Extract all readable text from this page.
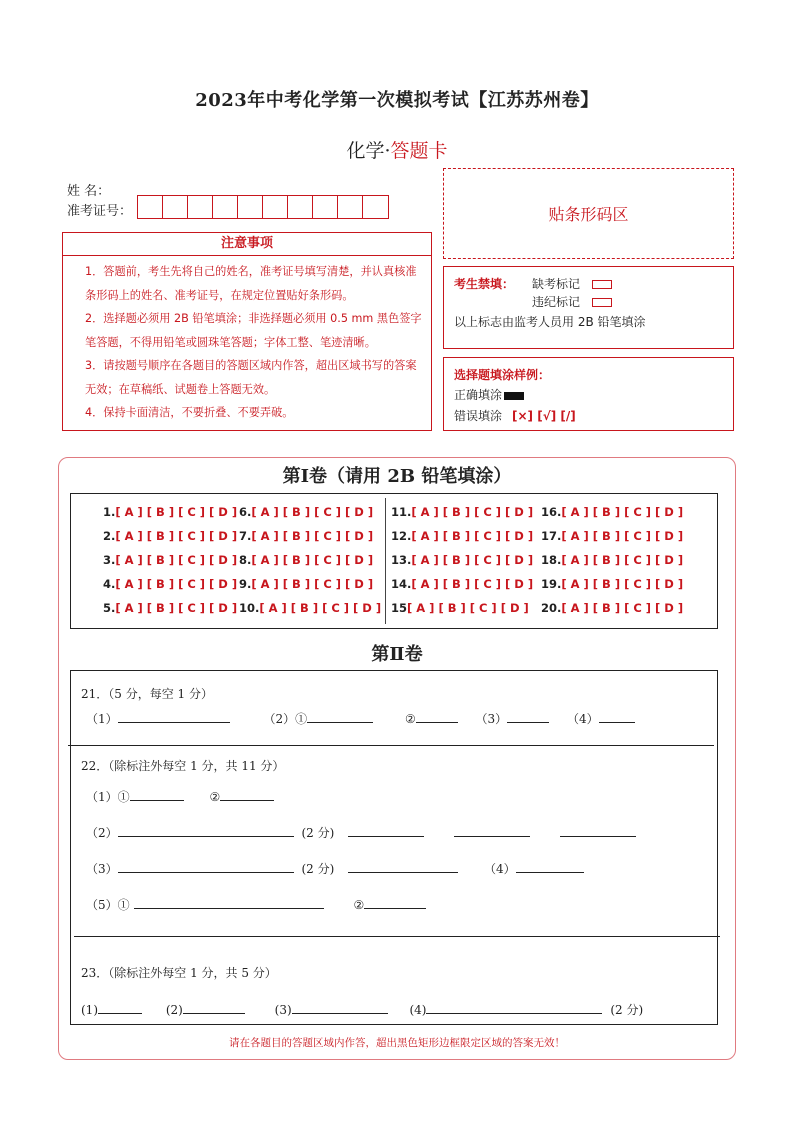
2023年中考化学第一次模拟考试【江苏苏州卷】
化学·答题卡
姓 名：
准考证号：	贴条形码区
注意事项
1．答题前，考生先将自己的姓名，准考证号填写清楚，并认真核准条形码上的姓名、准考证号，在规定位置贴好条形码。
2．选择题必须用 2B 铅笔填涂；非选择题必须用 0.5 mm 黑色签字笔答题，不得用铅笔或圆珠笔答题；字体工整、笔迹清晰。
3．请按题号顺序在各题目的答题区域内作答，超出区域书写的答案无效；在草稿纸、试题卷上答题无效。
4．保持卡面清洁，不要折叠、不要弄破。
考生禁填： 缺考标记
违纪标记
以上标志由监考人员用 2B 铅笔填涂
选择题填涂样例：
正确填涂
错误填涂 [×] [√] [/]
第Ⅰ卷（请用 2B 铅笔填涂）
1.[ A ] [ B ] [ C ] [ D ]
2.[ A ] [ B ] [ C ] [ D ]
3.[ A ] [ B ] [ C ] [ D ]
4.[ A ] [ B ] [ C ] [ D ]
5.[ A ] [ B ] [ C ] [ D ]
6.[ A ] [ B ] [ C ] [ D ]
7.[ A ] [ B ] [ C ] [ D ]
8.[ A ] [ B ] [ C ] [ D ]
9.[ A ] [ B ] [ C ] [ D ]
10.[ A ] [ B ] [ C ] [ D ]
11.[ A ] [ B ] [ C ] [ D ]
12.[ A ] [ B ] [ C ] [ D ]
13.[ A ] [ B ] [ C ] [ D ]
14.[ A ] [ B ] [ C ] [ D ]
15[ A ] [ B ] [ C ] [ D ]
16.[ A ] [ B ] [ C ] [ D ]
17.[ A ] [ B ] [ C ] [ D ]
18.[ A ] [ B ] [ C ] [ D ]
19.[ A ] [ B ] [ C ] [ D ]
20.[ A ] [ B ] [ C ] [ D ]
第Ⅱ卷
21．（5 分，每空 1 分）
（1）	（2）①	②	（3）	（4）
22．（除标注外每空 1 分，共 11 分）
（1）①	②
（2）	(2 分)
（3）	(2 分)	（4）
（5）①	②
23．（除标注外每空 1 分，共 5 分）
(1)	(2)	(3)	(4)	(2 分)
请在各题目的答题区域内作答，超出黑色矩形边框限定区域的答案无效！
